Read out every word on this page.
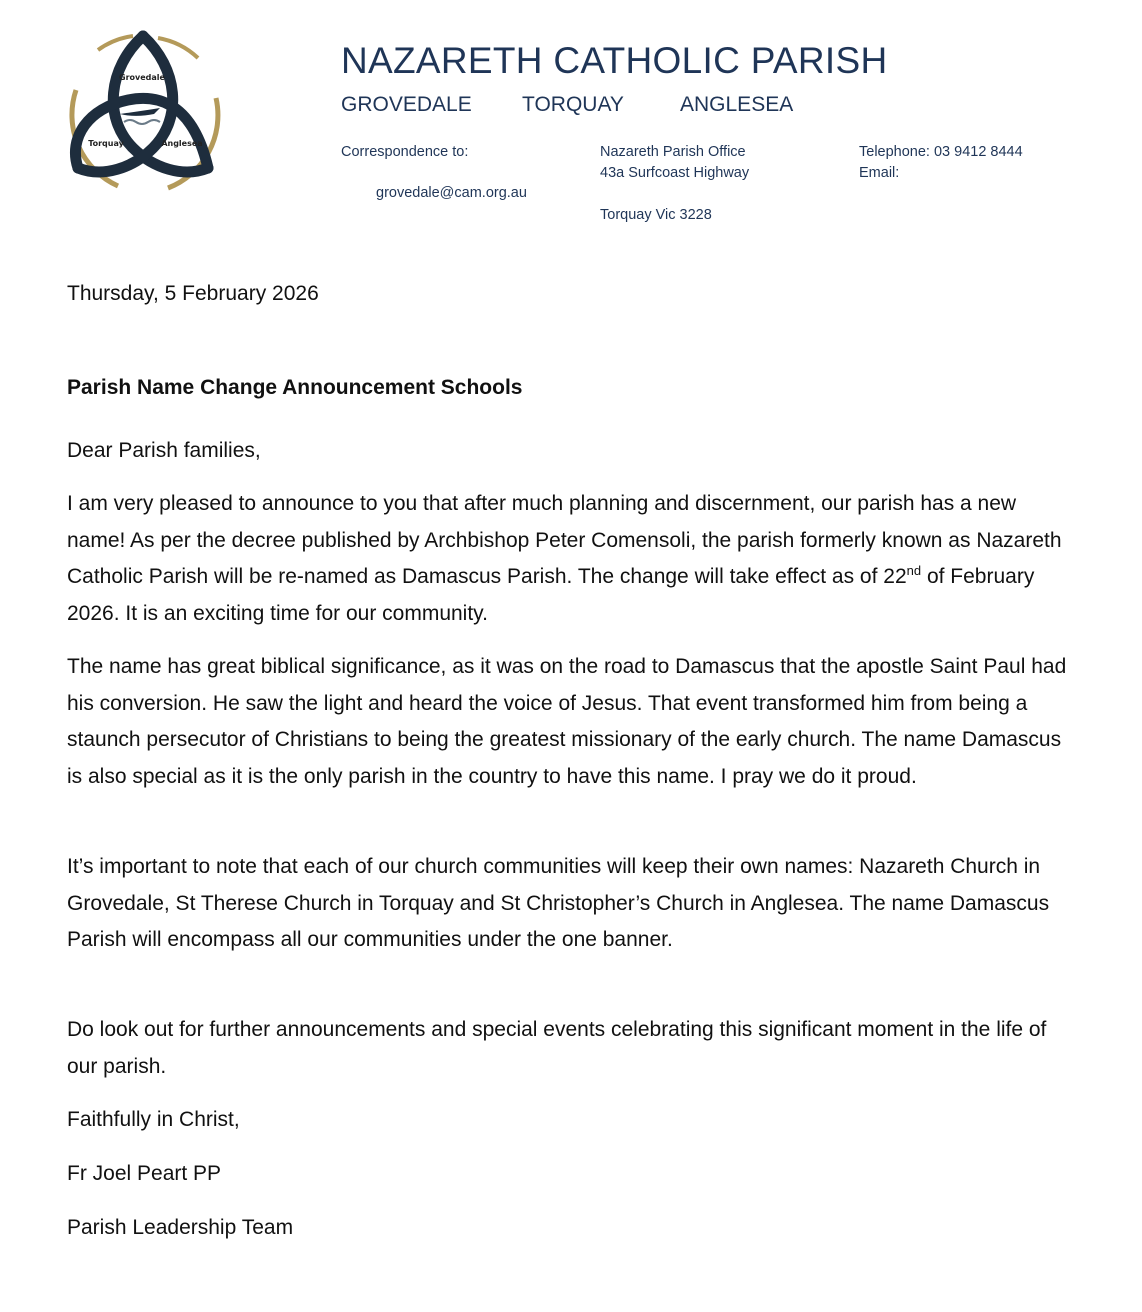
Grovedale
Torquay	Anglesea
NAZARETH CATHOLIC PARISH
GROVEDALE TORQUAY	ANGLESEA
Correspondence to:
grovedale@cam.org.au
Nazareth Parish Office
43a Surfcoast Highway
Torquay Vic 3228
Telephone: 03 9412 8444
Email:
Thursday, 5 February 2026
Parish Name Change Announcement Schools
Dear Parish families,

I am very pleased to announce to you that after much planning and discernment, our parish has a new name! As per the decree published by Archbishop Peter Comensoli, the parish formerly known as Nazareth Catholic Parish will be re-named as Damascus Parish. The change will take effect as of 22nd of February 2026. It is an exciting time for our community.

The name has great biblical significance, as it was on the road to Damascus that the apostle Saint Paul had his conversion. He saw the light and heard the voice of Jesus. That event transformed him from being a staunch persecutor of Christians to being the greatest missionary of the early church. The name Damascus is also special as it is the only parish in the country to have this name. I pray we do it proud.

It’s important to note that each of our church communities will keep their own names: Nazareth Church in Grovedale, St Therese Church in Torquay and St Christopher’s Church in Anglesea. The name Damascus Parish will encompass all our communities under the one banner.

Do look out for further announcements and special events celebrating this significant moment in the life of our parish.

Faithfully in Christ,
Fr Joel Peart PP
Parish Leadership Team
